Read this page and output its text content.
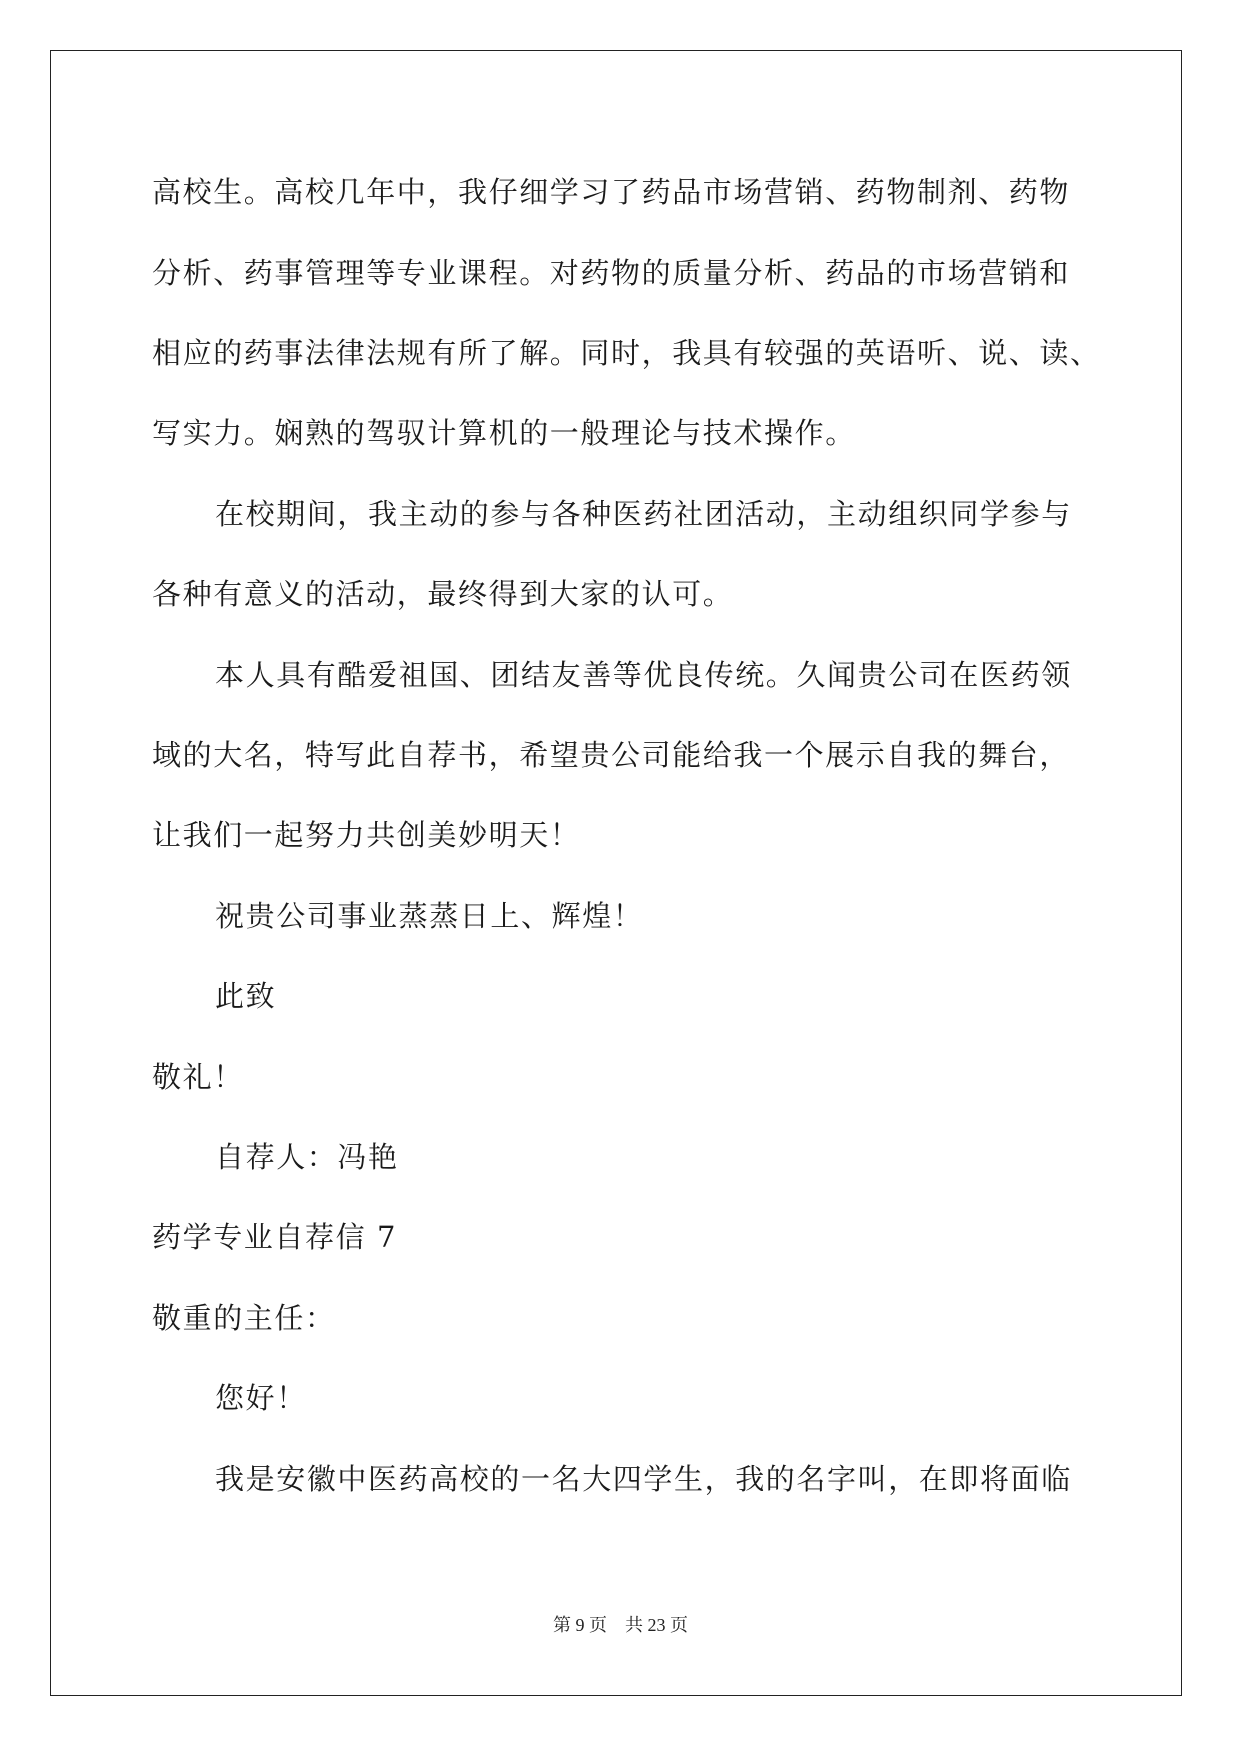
高校生。高校几年中，我仔细学习了药品市场营销、药物制剂、药物
分析、药事管理等专业课程。对药物的质量分析、药品的市场营销和
相应的药事法律法规有所了解。同时，我具有较强的英语听、说、读、
写实力。娴熟的驾驭计算机的一般理论与技术操作。
在校期间，我主动的参与各种医药社团活动，主动组织同学参与
各种有意义的活动，最终得到大家的认可。
本人具有酷爱祖国、团结友善等优良传统。久闻贵公司在医药领
域的大名，特写此自荐书，希望贵公司能给我一个展示自我的舞台，
让我们一起努力共创美妙明天！
祝贵公司事业蒸蒸日上、辉煌！
此致
敬礼！
自荐人：冯艳
药学专业自荐信 7
敬重的主任：
您好！
我是安徽中医药高校的一名大四学生，我的名字叫，在即将面临
第 9 页 共 23 页
